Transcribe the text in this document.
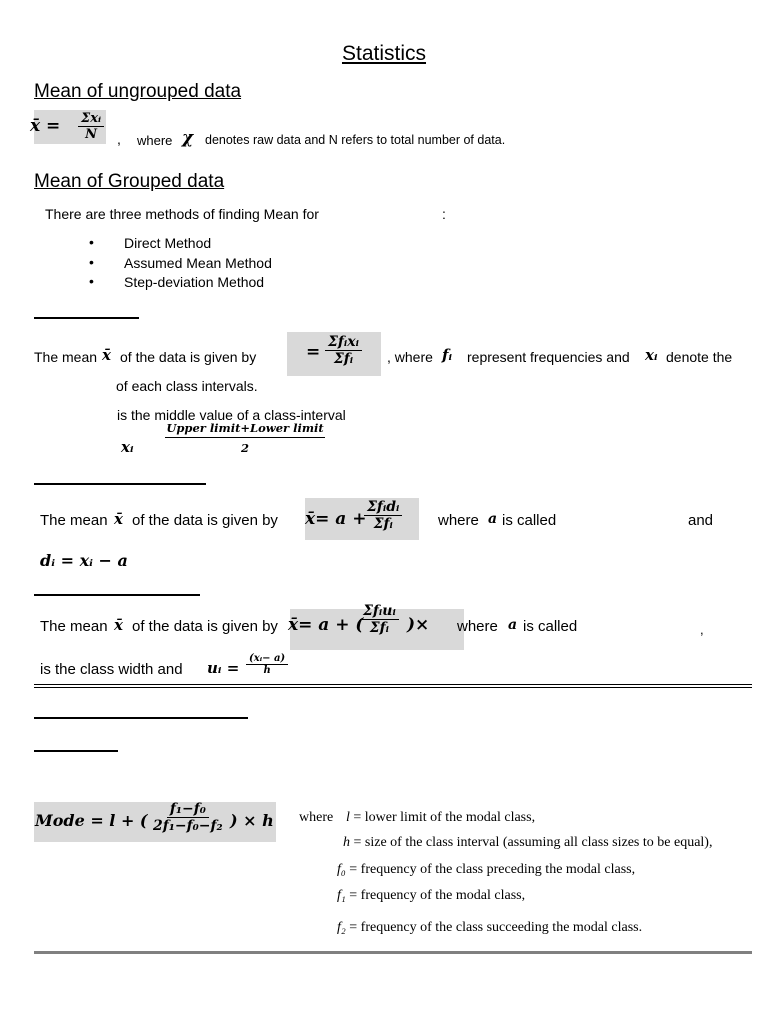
Statistics
Mean of ungrouped data
x̄ = Σxᵢ
N , where χ denotes raw data and N refers to total number of data.
Mean of Grouped data
There are three methods of finding Mean for	:
• Direct Method
• Assumed Mean Method
• Step-deviation Method
The mean x̄ of the data is given by	= Σfᵢxᵢ
Σfᵢ , where fᵢ represent frequencies and xᵢ denote the
of each class intervals.
is the middle value of a class-interval
xᵢ
Upper limit+Lower limit
2
The mean x̄ of the data is given by x̄= a +
Σfᵢdᵢ
Σfᵢ	where a is called	and
dᵢ = xᵢ − a
The mean x̄ of the data is given by x̄= a + (
Σfᵢuᵢ
Σfᵢ )× where a is called	,
is the class width and uᵢ = $\frac{\text{(xᵢ− a)}}{h}$
Mode = l + ( $\frac{\text{f₁−f₀}}{\text{2f₁−f₀−f₂}}$ ) × h where l = lower limit of the modal class,
h = size of the class interval (assuming all class sizes to be equal),
f₀ = frequency of the class preceding the modal class,
f₁ = frequency of the modal class,
f₂ = frequency of the class succeeding the modal class.
